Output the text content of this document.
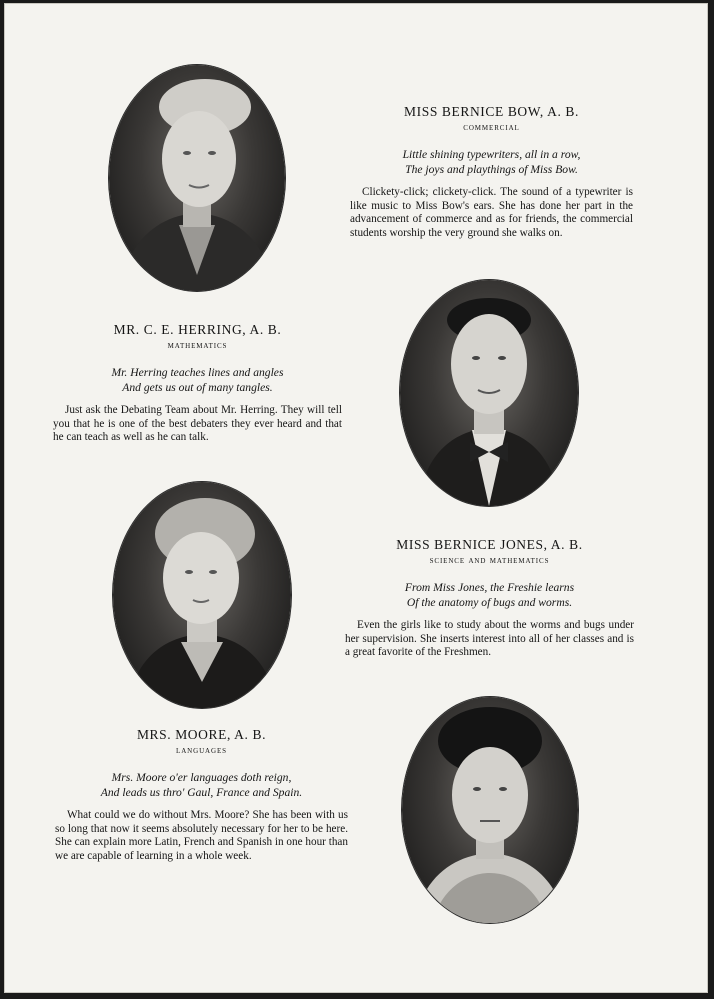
MISS BERNICE BOW, A. B.

commercial

Little shining typewriters, all in a row,
The joys and playthings of Miss Bow.

Clickety-click; clickety-click. The sound of a typewriter is like music to Miss Bow's ears. She has done her part in the advancement of commerce and as for friends, the commercial students worship the very ground she walks on.

MR. C. E. HERRING, A. B.

mathematics

Mr. Herring teaches lines and angles
And gets us out of many tangles.

Just ask the Debating Team about Mr. Herring. They will tell you that he is one of the best debaters they ever heard and that he can teach as well as he can talk.

MISS BERNICE JONES, A. B.

science and mathematics

From Miss Jones, the Freshie learns
Of the anatomy of bugs and worms.

Even the girls like to study about the worms and bugs under her supervision. She inserts interest into all of her classes and is a great favorite of the Freshmen.

MRS. MOORE, A. B.

languages

Mrs. Moore o'er languages doth reign,
And leads us thro' Gaul, France and Spain.

What could we do without Mrs. Moore? She has been with us so long that now it seems absolutely necessary for her to be here. She can explain more Latin, French and Spanish in one hour than we are capable of learning in a whole week.
